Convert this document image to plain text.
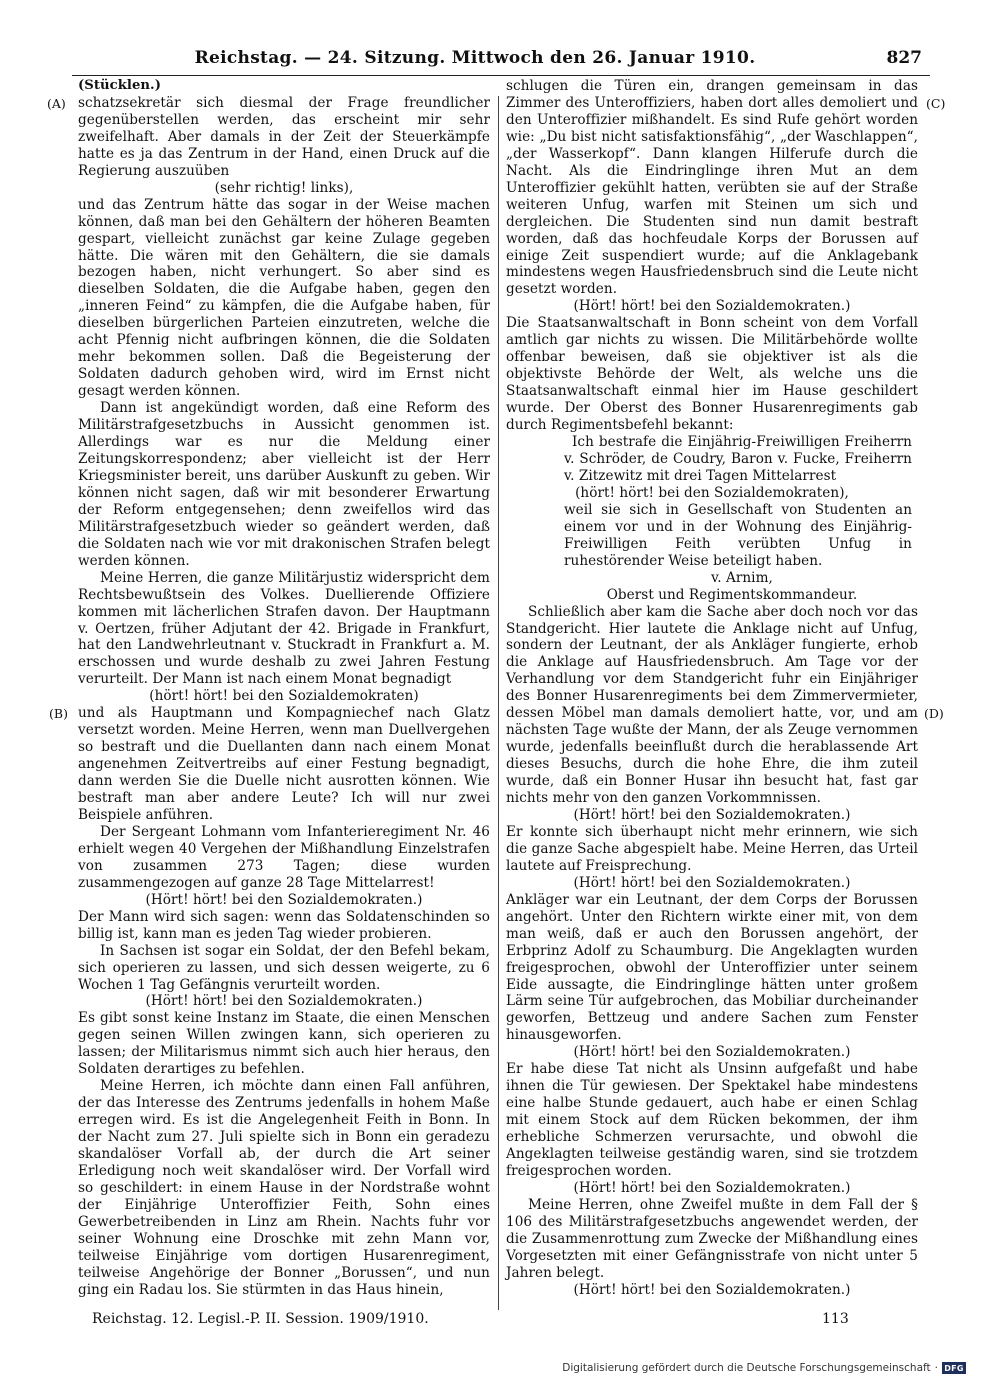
Reichstag. — 24. Sitzung. Mittwoch den 26. Januar 1910.	827
(A)
(B)
(C)
(D)

(Stücklen.)

schatzsekretär sich diesmal der Frage freundlicher gegenüberstellen werden, das erscheint mir sehr zweifelhaft. Aber damals in der Zeit der Steuerkämpfe hatte es ja das Zentrum in der Hand, einen Druck auf die Regierung auszuüben

(sehr richtig! links),

und das Zentrum hätte das sogar in der Weise machen können, daß man bei den Gehältern der höheren Beamten gespart, vielleicht zunächst gar keine Zulage gegeben hätte. Die wären mit den Gehältern, die sie damals bezogen haben, nicht verhungert. So aber sind es dieselben Soldaten, die die Aufgabe haben, gegen den „inneren Feind“ zu kämpfen, die die Aufgabe haben, für dieselben bürgerlichen Parteien einzutreten, welche die acht Pfennig nicht aufbringen können, die die Soldaten mehr bekommen sollen. Daß die Begeisterung der Soldaten dadurch gehoben wird, wird im Ernst nicht gesagt werden können.

Dann ist angekündigt worden, daß eine Reform des Militärstrafgesetzbuchs in Aussicht genommen ist. Allerdings war es nur die Meldung einer Zeitungskorrespondenz; aber vielleicht ist der Herr Kriegsminister bereit, uns darüber Auskunft zu geben. Wir können nicht sagen, daß wir mit besonderer Erwartung der Reform entgegensehen; denn zweifellos wird das Militärstrafgesetzbuch wieder so geändert werden, daß die Soldaten nach wie vor mit drakonischen Strafen belegt werden können.

Meine Herren, die ganze Militärjustiz widerspricht dem Rechtsbewußtsein des Volkes. Duellierende Offiziere kommen mit lächerlichen Strafen davon. Der Hauptmann v. Oertzen, früher Adjutant der 42. Brigade in Frankfurt, hat den Landwehrleutnant v. Stuckradt in Frankfurt a. M. erschossen und wurde deshalb zu zwei Jahren Festung verurteilt. Der Mann ist nach einem Monat begnadigt

(hört! hört! bei den Sozialdemokraten)

und als Hauptmann und Kompagniechef nach Glatz versetzt worden. Meine Herren, wenn man Duellvergehen so bestraft und die Duellanten dann nach einem Monat angenehmen Zeitvertreibs auf einer Festung begnadigt, dann werden Sie die Duelle nicht ausrotten können. Wie bestraft man aber andere Leute? Ich will nur zwei Beispiele anführen.

Der Sergeant Lohmann vom Infanterieregiment Nr. 46 erhielt wegen 40 Vergehen der Mißhandlung Einzelstrafen von zusammen 273 Tagen; diese wurden zusammengezogen auf ganze 28 Tage Mittelarrest!

(Hört! hört! bei den Sozialdemokraten.)

Der Mann wird sich sagen: wenn das Soldatenschinden so billig ist, kann man es jeden Tag wieder probieren.

In Sachsen ist sogar ein Soldat, der den Befehl bekam, sich operieren zu lassen, und sich dessen weigerte, zu 6 Wochen 1 Tag Gefängnis verurteilt worden.

(Hört! hört! bei den Sozialdemokraten.)

Es gibt sonst keine Instanz im Staate, die einen Menschen gegen seinen Willen zwingen kann, sich operieren zu lassen; der Militarismus nimmt sich auch hier heraus, den Soldaten derartiges zu befehlen.

Meine Herren, ich möchte dann einen Fall anführen, der das Interesse des Zentrums jedenfalls in hohem Maße erregen wird. Es ist die Angelegenheit Feith in Bonn. In der Nacht zum 27. Juli spielte sich in Bonn ein geradezu skandalöser Vorfall ab, der durch die Art seiner Erledigung noch weit skandalöser wird. Der Vorfall wird so geschildert: in einem Hause in der Nordstraße wohnt der Einjährige Unteroffizier Feith, Sohn eines Gewerbetreibenden in Linz am Rhein. Nachts fuhr vor seiner Wohnung eine Droschke mit zehn Mann vor, teilweise Einjährige vom dortigen Husarenregiment, teilweise Angehörige der Bonner „Borussen“, und nun ging ein Radau los. Sie stürmten in das Haus hinein,

schlugen die Türen ein, drangen gemeinsam in das Zimmer des Unteroffiziers, haben dort alles demoliert und den Unteroffizier mißhandelt. Es sind Rufe gehört worden wie: „Du bist nicht satisfaktionsfähig“, „der Waschlappen“, „der Wasserkopf“. Dann klangen Hilferufe durch die Nacht. Als die Eindringlinge ihren Mut an dem Unteroffizier gekühlt hatten, verübten sie auf der Straße weiteren Unfug, warfen mit Steinen um sich und dergleichen. Die Studenten sind nun damit bestraft worden, daß das hochfeudale Korps der Borussen auf einige Zeit suspendiert wurde; auf die Anklagebank mindestens wegen Hausfriedensbruch sind die Leute nicht gesetzt worden.

(Hört! hört! bei den Sozialdemokraten.)

Die Staatsanwaltschaft in Bonn scheint von dem Vorfall amtlich gar nichts zu wissen. Die Militärbehörde wollte offenbar beweisen, daß sie objektiver ist als die objektivste Behörde der Welt, als welche uns die Staatsanwaltschaft einmal hier im Hause geschildert wurde. Der Oberst des Bonner Husarenregiments gab durch Regimentsbefehl bekannt:

Ich bestrafe die Einjährig-Freiwilligen Freiherrn v. Schröder, de Coudry, Baron v. Fucke, Freiherrn v. Zitzewitz mit drei Tagen Mittelarrest

(hört! hört! bei den Sozialdemokraten),

weil sie sich in Gesellschaft von Studenten an einem vor und in der Wohnung des Einjährig-Freiwilligen Feith verübten Unfug in ruhestörender Weise beteiligt haben.

v. Arnim,

Oberst und Regimentskommandeur.

Schließlich aber kam die Sache aber doch noch vor das Standgericht. Hier lautete die Anklage nicht auf Unfug, sondern der Leutnant, der als Ankläger fungierte, erhob die Anklage auf Hausfriedensbruch. Am Tage vor der Verhandlung vor dem Standgericht fuhr ein Einjähriger des Bonner Husarenregiments bei dem Zimmervermieter, dessen Möbel man damals demoliert hatte, vor, und am nächsten Tage wußte der Mann, der als Zeuge vernommen wurde, jedenfalls beeinflußt durch die herablassende Art dieses Besuchs, durch die hohe Ehre, die ihm zuteil wurde, daß ein Bonner Husar ihn besucht hat, fast gar nichts mehr von den ganzen Vorkommnissen.

(Hört! hört! bei den Sozialdemokraten.)

Er konnte sich überhaupt nicht mehr erinnern, wie sich die ganze Sache abgespielt habe. Meine Herren, das Urteil lautete auf Freisprechung.

(Hört! hört! bei den Sozialdemokraten.)

Ankläger war ein Leutnant, der dem Corps der Borussen angehört. Unter den Richtern wirkte einer mit, von dem man weiß, daß er auch den Borussen angehört, der Erbprinz Adolf zu Schaumburg. Die Angeklagten wurden freigesprochen, obwohl der Unteroffizier unter seinem Eide aussagte, die Eindringlinge hätten unter großem Lärm seine Tür aufgebrochen, das Mobiliar durcheinander geworfen, Bettzeug und andere Sachen zum Fenster hinausgeworfen.

(Hört! hört! bei den Sozialdemokraten.)

Er habe diese Tat nicht als Unsinn aufgefaßt und habe ihnen die Tür gewiesen. Der Spektakel habe mindestens eine halbe Stunde gedauert, auch habe er einen Schlag mit einem Stock auf dem Rücken bekommen, der ihm erhebliche Schmerzen verursachte, und obwohl die Angeklagten teilweise geständig waren, sind sie trotzdem freigesprochen worden.

(Hört! hört! bei den Sozialdemokraten.)

Meine Herren, ohne Zweifel mußte in dem Fall der § 106 des Militärstrafgesetzbuchs angewendet werden, der die Zusammenrottung zum Zwecke der Mißhandlung eines Vorgesetzten mit einer Gefängnisstrafe von nicht unter 5 Jahren belegt.

(Hört! hört! bei den Sozialdemokraten.)

Reichstag. 12. Legisl.-P. II. Session. 1909/1910.	113
Digitalisierung gefördert durch die Deutsche Forschungsgemeinschaft · DFG
